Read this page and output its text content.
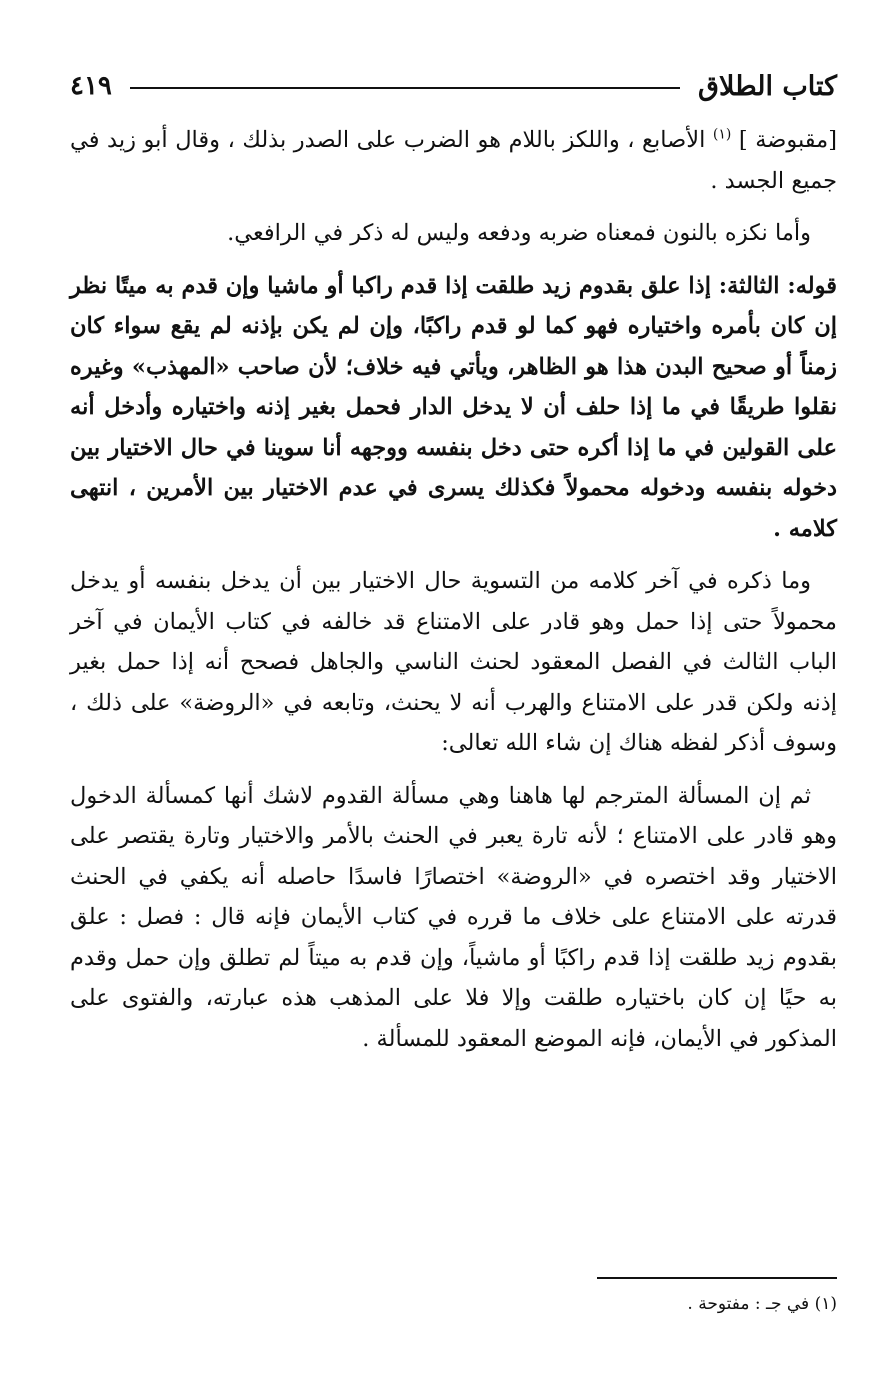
كتاب الطلاق
٤١٩

[مقبوضة ] $^{(١)}$ الأصابع ، واللكز باللام هو الضرب على الصدر بذلك ، وقال أبو زيد في جميع الجسد .

وأما نكزه بالنون فمعناه ضربه ودفعه وليس له ذكر في الرافعي.

قوله: الثالثة: إذا علق بقدوم زيد طلقت إذا قدم راكبا أو ماشيا وإن قدم به ميتًا نظر إن كان بأمره واختياره فهو كما لو قدم راكبًا، وإن لم يكن بإذنه لم يقع سواء كان زمناً أو صحيح البدن هذا هو الظاهر، ويأتي فيه خلاف؛ لأن صاحب «المهذب» وغيره نقلوا طريقًا في ما إذا حلف أن لا يدخل الدار فحمل بغير إذنه واختياره وأدخل أنه على القولين في ما إذا أكره حتى دخل بنفسه ووجهه أنا سوينا في حال الاختيار بين دخوله بنفسه ودخوله محمولاً فكذلك يسرى في عدم الاختيار بين الأمرين ، انتهى كلامه .

وما ذكره في آخر كلامه من التسوية حال الاختيار بين أن يدخل بنفسه أو يدخل محمولاً حتى إذا حمل وهو قادر على الامتناع قد خالفه في كتاب الأيمان في آخر الباب الثالث في الفصل المعقود لحنث الناسي والجاهل فصحح أنه إذا حمل بغير إذنه ولكن قدر على الامتناع والهرب أنه لا يحنث، وتابعه في «الروضة» على ذلك ، وسوف أذكر لفظه هناك إن شاء الله تعالى:

ثم إن المسألة المترجم لها هاهنا وهي مسألة القدوم لاشك أنها كمسألة الدخول وهو قادر على الامتناع ؛ لأنه تارة يعبر في الحنث بالأمر والاختيار وتارة يقتصر على الاختيار وقد اختصره في «الروضة» اختصارًا فاسدًا حاصله أنه يكفي في الحنث قدرته على الامتناع على خلاف ما قرره في كتاب الأيمان فإنه قال : فصل : علق بقدوم زيد طلقت إذا قدم راكبًا أو ماشياً، وإن قدم به ميتاً لم تطلق وإن حمل وقدم به حيًا إن كان باختياره طلقت وإلا فلا على المذهب هذه عبارته، والفتوى على المذكور في الأيمان، فإنه الموضع المعقود للمسألة .

(١) في جـ : مفتوحة .
